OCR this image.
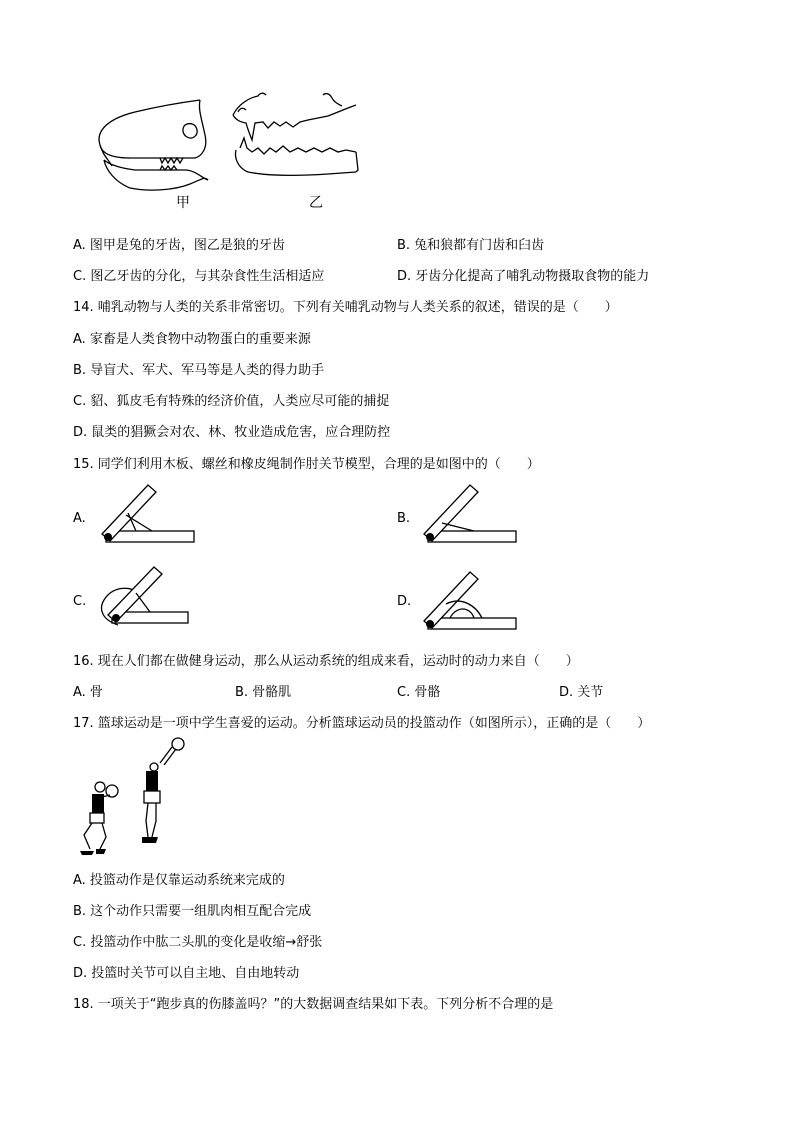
甲	乙
A. 图甲是兔的牙齿，图乙是狼的牙齿	B. 兔和狼都有门齿和臼齿
C. 图乙牙齿的分化，与其杂食性生活相适应	D. 牙齿分化提高了哺乳动物摄取食物的能力
14. 哺乳动物与人类的关系非常密切。下列有关哺乳动物与人类关系的叙述，错误的是（　　）
A. 家畜是人类食物中动物蛋白的重要来源
B. 导盲犬、军犬、军马等是人类的得力助手
C. 貂、狐皮毛有特殊的经济价值，人类应尽可能的捕捉
D. 鼠类的猖獗会对农、林、牧业造成危害，应合理防控
15. 同学们利用木板、螺丝和橡皮绳制作肘关节模型，合理的是如图中的（　　）
A.	B.
C.	D.
16. 现在人们都在做健身运动，那么从运动系统的组成来看，运动时的动力来自（　　）
A. 骨	B. 骨骼肌	C. 骨骼	D. 关节
17. 篮球运动是一项中学生喜爱的运动。分析篮球运动员的投篮动作（如图所示），正确的是（　　）
A. 投篮动作是仅靠运动系统来完成的
B. 这个动作只需要一组肌肉相互配合完成
C. 投篮动作中肱二头肌的变化是收缩→舒张
D. 投篮时关节可以自主地、自由地转动
18. 一项关于“跑步真的伤膝盖吗？”的大数据调查结果如下表。下列分析不合理的是
